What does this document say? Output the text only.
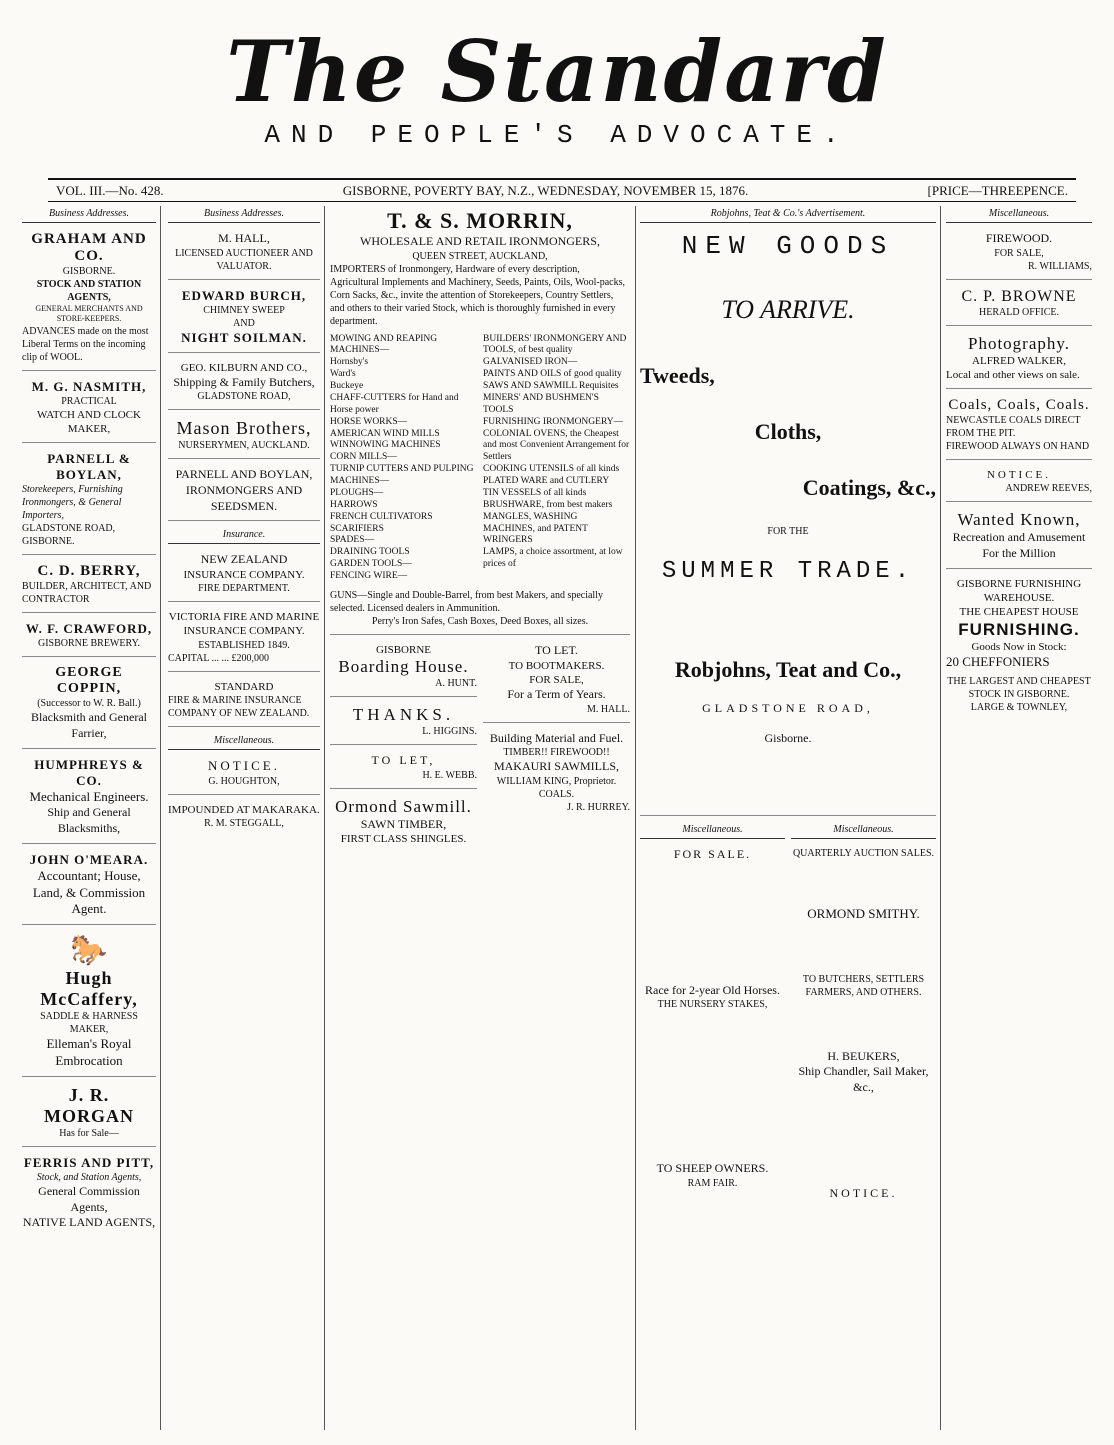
The Standard
AND PEOPLE'S ADVOCATE.
VOL. III.—No. 428.	GISBORNE, POVERTY BAY, N.Z., WEDNESDAY, NOVEMBER 15, 1876.	[PRICE—THREEPENCE.
Business Addresses.
GRAHAM AND CO.
GISBORNE.
STOCK AND STATION AGENTS,
GENERAL MERCHANTS AND STORE-KEEPERS.
ADVANCES made on the most Liberal Terms on the incoming clip of WOOL.
M. G. NASMITH,
PRACTICAL
WATCH AND CLOCK MAKER,
PARNELL & BOYLAN,
Storekeepers, Furnishing Ironmongers, & General Importers,
GLADSTONE ROAD, GISBORNE.
C. D. BERRY,
BUILDER, ARCHITECT, AND CONTRACTOR
W. F. CRAWFORD,
GISBORNE BREWERY.
GEORGE COPPIN,
(Successor to W. R. Ball.)
Blacksmith and General Farrier,
HUMPHREYS & CO.
Mechanical Engineers.
Ship and General Blacksmiths,
JOHN O'MEARA.
Accountant; House, Land, & Commission Agent.
🐎
Hugh McCaffery,
SADDLE & HARNESS MAKER,
Elleman's Royal Embrocation
J. R. MORGAN
Has for Sale—
FERRIS AND PITT,
Stock, and Station Agents,
General Commission Agents,
NATIVE LAND AGENTS,
Business Addresses.
M. HALL,
LICENSED AUCTIONEER AND VALUATOR.
EDWARD BURCH,
CHIMNEY SWEEP
AND
NIGHT SOILMAN.
GEO. KILBURN AND CO.,
Shipping & Family Butchers,
GLADSTONE ROAD,
Mason Brothers,
NURSERYMEN, AUCKLAND.
PARNELL AND BOYLAN,
IRONMONGERS AND SEEDSMEN.
Insurance.
NEW ZEALAND
INSURANCE COMPANY.
FIRE DEPARTMENT.
VICTORIA FIRE AND MARINE INSURANCE COMPANY.
ESTABLISHED 1849.
CAPITAL ... ... £200,000
STANDARD
FIRE & MARINE INSURANCE COMPANY OF NEW ZEALAND.
Miscellaneous.
NOTICE.
G. HOUGHTON,
IMPOUNDED AT MAKARAKA.
R. M. STEGGALL,
T. & S. MORRIN,
WHOLESALE AND RETAIL IRONMONGERS,
QUEEN STREET, AUCKLAND,
IMPORTERS of Ironmongery, Hardware of every description, Agricultural Implements and Machinery, Seeds, Paints, Oils, Wool-packs, Corn Sacks, &c., invite the attention of Storekeepers, Country Settlers, and others to their varied Stock, which is thoroughly furnished in every department.
MOWING AND REAPING MACHINES—
Hornsby's
Ward's
Buckeye
CHAFF-CUTTERS for Hand and Horse power
HORSE WORKS—
AMERICAN WIND MILLS
WINNOWING MACHINES
CORN MILLS—
TURNIP CUTTERS AND PULPING MACHINES—
PLOUGHS—
HARROWS
FRENCH CULTIVATORS
SCARIFIERS
SPADES—
DRAINING TOOLS
GARDEN TOOLS—
FENCING WIRE—
BUILDERS' IRONMONGERY AND TOOLS, of best quality
GALVANISED IRON—
PAINTS AND OILS of good quality
SAWS AND SAWMILL Requisites
MINERS' AND BUSHMEN'S TOOLS
FURNISHING IRONMONGERY—
COLONIAL OVENS, the Cheapest and most Convenient Arrangement for Settlers
COOKING UTENSILS of all kinds
PLATED WARE and CUTLERY
TIN VESSELS of all kinds
BRUSHWARE, from best makers
MANGLES, WASHING MACHINES, and PATENT WRINGERS
LAMPS, a choice assortment, at low prices of
GUNS—Single and Double-Barrel, from best Makers, and specially selected. Licensed dealers in Ammunition.
Perry's Iron Safes, Cash Boxes, Deed Boxes, all sizes.
GISBORNE
Boarding House.
A. HUNT.
THANKS.
L. HIGGINS.
TO LET,
H. E. WEBB.
Ormond Sawmill.
SAWN TIMBER,
FIRST CLASS SHINGLES.
TO LET.
TO BOOTMAKERS.
FOR SALE,
For a Term of Years.
M. HALL.
Building Material and Fuel.
TIMBER!! FIREWOOD!!
MAKAURI SAWMILLS,
WILLIAM KING, Proprietor.
COALS.
J. R. HURREY.
Robjohns, Teat & Co.'s Advertisement.
NEW GOODS
TO ARRIVE.
Tweeds,
Cloths,
Coatings, &c.,
FOR THE
SUMMER TRADE.
Robjohns, Teat and Co.,
GLADSTONE ROAD,
Gisborne.
Miscellaneous.
FOR SALE.
Race for 2-year Old Horses.
THE NURSERY STAKES,
TO SHEEP OWNERS.
RAM FAIR.
Miscellaneous.
QUARTERLY AUCTION SALES.
ORMOND SMITHY.
TO BUTCHERS, SETTLERS FARMERS, AND OTHERS.
H. BEUKERS,
Ship Chandler, Sail Maker, &c.,
NOTICE.
Miscellaneous.
FIREWOOD.
FOR SALE,
R. WILLIAMS,
C. P. BROWNE
HERALD OFFICE.
Photography.
ALFRED WALKER,
Local and other views on sale.
Coals, Coals, Coals.
NEWCASTLE COALS DIRECT FROM THE PIT.
FIREWOOD ALWAYS ON HAND
NOTICE.
ANDREW REEVES,
Wanted Known,
Recreation and Amusement For the Million
GISBORNE FURNISHING WAREHOUSE.
THE CHEAPEST HOUSE
FURNISHING.
Goods Now in Stock:
20 CHEFFONIERS
THE LARGEST AND CHEAPEST STOCK IN GISBORNE.
LARGE & TOWNLEY,
